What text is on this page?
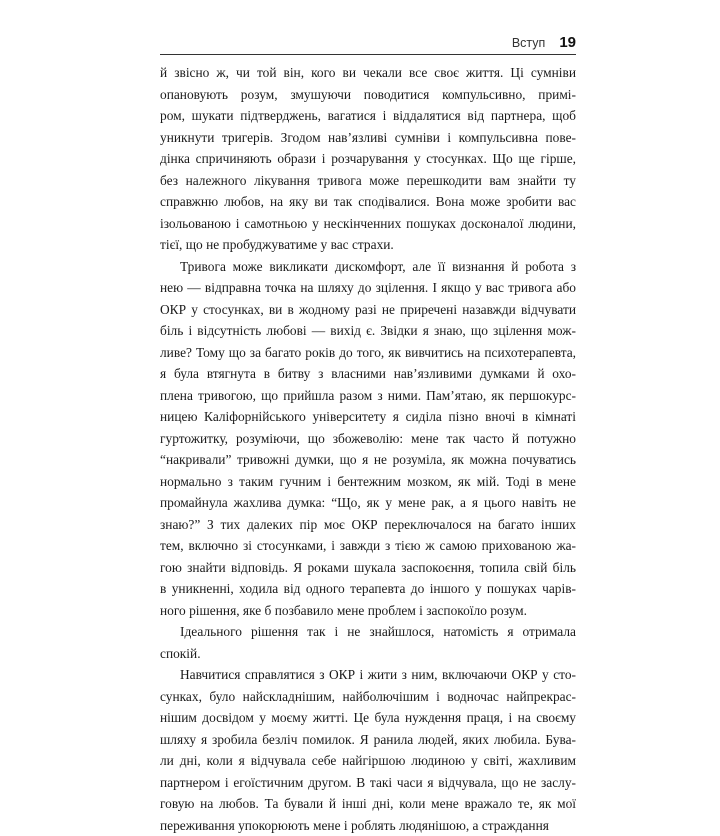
Вступ 19
й звісно ж, чи той він, кого ви чекали все своє життя. Ці сумніви
опановують розум, змушуючи поводитися компульсивно, примі-
ром, шукати підтверджень, вагатися і віддалятися від партнера, щоб
уникнути тригерів. Згодом нав’язливі сумніви і компульсивна пове-
дінка спричиняють образи і розчарування у стосунках. Що ще гірше,
без належного лікування тривога може перешкодити вам знайти ту
справжню любов, на яку ви так сподівалися. Вона може зробити вас
ізольованою і самотньою у нескінченних пошуках досконалої людини,
тієї, що не пробуджуватиме у вас страхи.
Тривога може викликати дискомфорт, але її визнання й робота з
нею — відправна точка на шляху до зцілення. І якщо у вас тривога або
ОКР у стосунках, ви в жодному разі не приречені назавжди відчувати
біль і відсутність любові — вихід є. Звідки я знаю, що зцілення мож-
ливе? Тому що за багато років до того, як вивчитись на психотерапевта,
я була втягнута в битву з власними нав’язливими думками й охо-
плена тривогою, що прийшла разом з ними. Пам’ятаю, як першокурс-
ницею Каліфорнійського університету я сиділа пізно вночі в кімнаті
гуртожитку, розуміючи, що збожеволію: мене так часто й потужно
“накривали” тривожні думки, що я не розуміла, як можна почуватись
нормально з таким гучним і бентежним мозком, як мій. Тоді в мене
промайнула жахлива думка: “Що, як у мене рак, а я цього навіть не
знаю?” З тих далеких пір моє ОКР переключалося на багато інших
тем, включно зі стосунками, і завжди з тією ж самою прихованою жа-
гою знайти відповідь. Я роками шукала заспокоєння, топила свій біль
в уникненні, ходила від одного терапевта до іншого у пошуках чарів-
ного рішення, яке б позбавило мене проблем і заспокоїло розум.
Ідеального рішення так і не знайшлося, натомість я отримала
спокій.
Навчитися справлятися з ОКР і жити з ним, включаючи ОКР у сто-
сунках, було найскладнішим, найболючішим і водночас найпрекрас-
нішим досвідом у моєму житті. Це була нуждення праця, і на своєму
шляху я зробила безліч помилок. Я ранила людей, яких любила. Бува-
ли дні, коли я відчувала себе найгіршою людиною у світі, жахливим
партнером і егоїстичним другом. В такі часи я відчувала, що не заслу-
говую на любов. Та бували й інші дні, коли мене вражало те, як мої
переживання упокорюють мене і роблять людянішою, а страждання
